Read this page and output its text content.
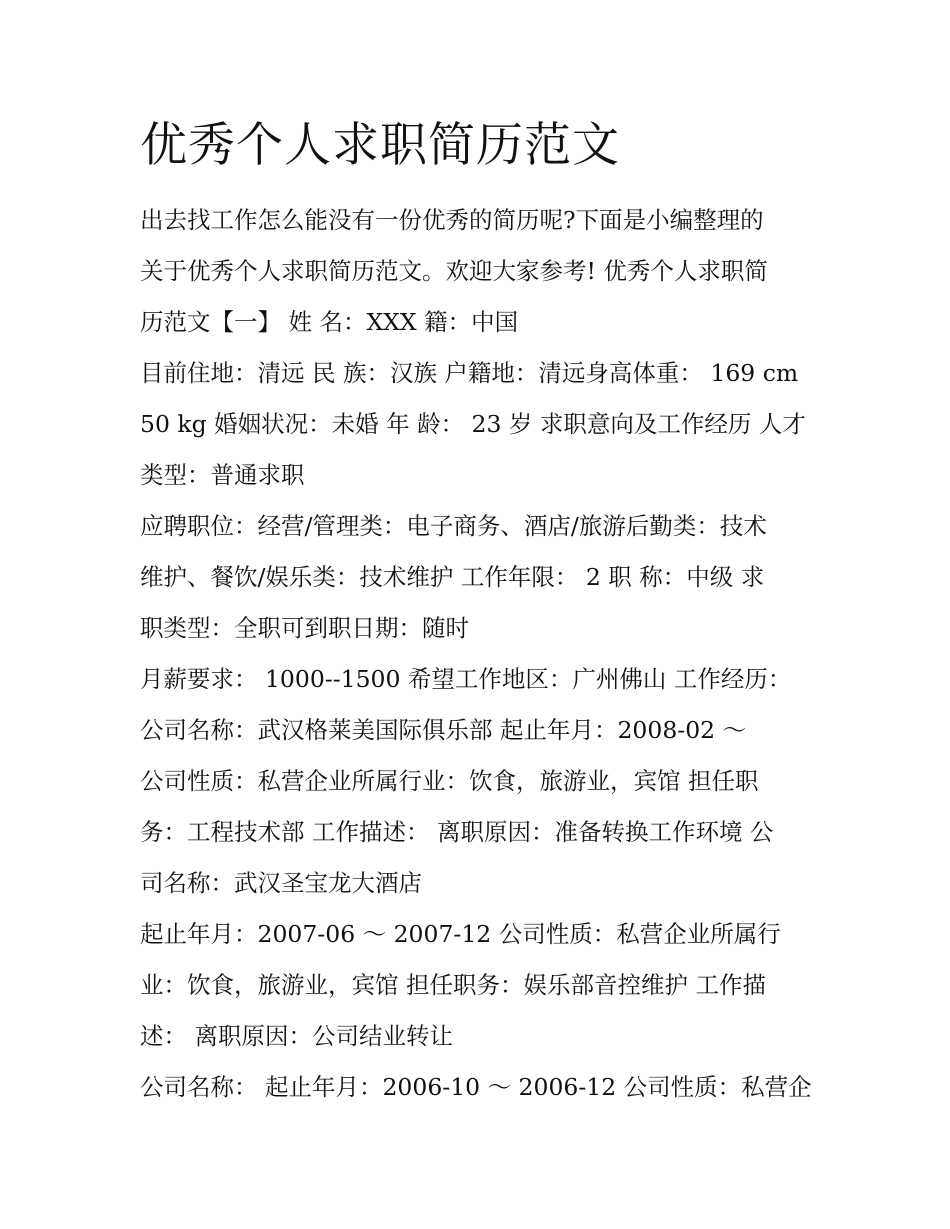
优秀个人求职简历范文

出去找工作怎么能没有一份优秀的简历呢?下面是小编整理的

关于优秀个人求职简历范文。欢迎大家参考! 优秀个人求职简

历范文【一】 姓 名：XXX 籍：中国

目前住地：清远 民 族：汉族 户籍地：清远身高体重： 169 cm

50 kg 婚姻状况：未婚 年 龄： 23 岁 求职意向及工作经历 人才

类型：普通求职

应聘职位：经营/管理类：电子商务、酒店/旅游后勤类：技术

维护、餐饮/娱乐类：技术维护 工作年限： 2 职 称：中级 求

职类型：全职可到职日期：随时

月薪要求： 1000--1500 希望工作地区：广州佛山 工作经历：

公司名称：武汉格莱美国际俱乐部 起止年月：2008-02 ～

公司性质：私营企业所属行业：饮食，旅游业，宾馆 担任职

务：工程技术部 工作描述： 离职原因：准备转换工作环境 公

司名称：武汉圣宝龙大酒店

起止年月：2007-06 ～ 2007-12 公司性质：私营企业所属行

业：饮食，旅游业，宾馆 担任职务：娱乐部音控维护 工作描

述： 离职原因：公司结业转让

公司名称： 起止年月：2006-10 ～ 2006-12 公司性质：私营企
